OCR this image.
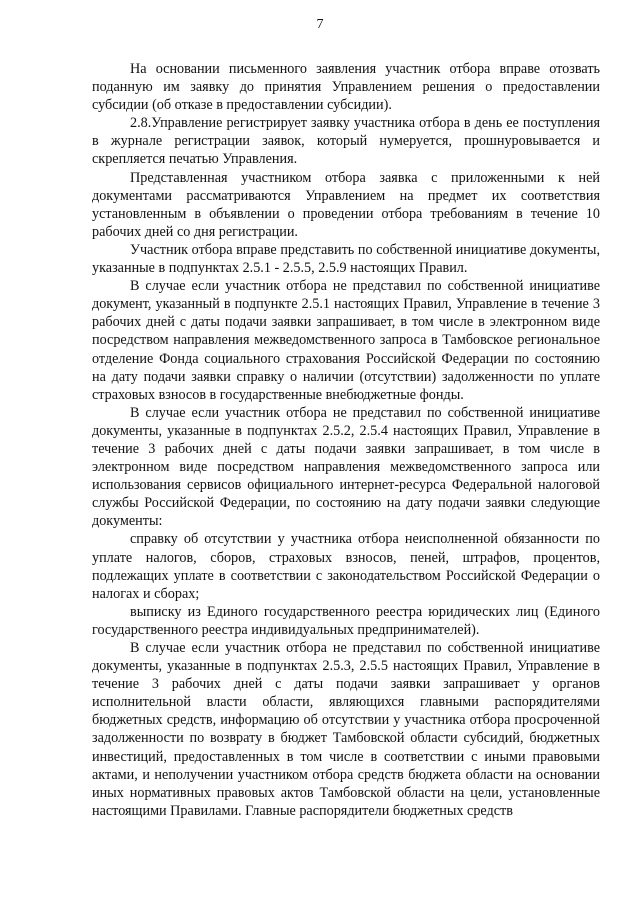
7

На основании письменного заявления участник отбора вправе отозвать поданную им заявку до принятия Управлением решения о предоставлении субсидии (об отказе в предоставлении субсидии).

2.8.Управление регистрирует заявку участника отбора в день ее поступления в журнале регистрации заявок, который нумеруется, прошнуровывается и скрепляется печатью Управления.

Представленная участником отбора заявка с приложенными к ней документами рассматриваются Управлением на предмет их соответствия установленным в объявлении о проведении отбора требованиям в течение 10 рабочих дней со дня регистрации.

Участник отбора вправе представить по собственной инициативе документы, указанные в подпунктах 2.5.1 - 2.5.5, 2.5.9 настоящих Правил.

В случае если участник отбора не представил по собственной инициативе документ, указанный в подпункте 2.5.1 настоящих Правил, Управление в течение 3 рабочих дней с даты подачи заявки запрашивает, в том числе в электронном виде посредством направления межведомственного запроса в Тамбовское региональное отделение Фонда социального страхования Российской Федерации по состоянию на дату подачи заявки справку о наличии (отсутствии) задолженности по уплате страховых взносов в государственные внебюджетные фонды.

В случае если участник отбора не представил по собственной инициативе документы, указанные в подпунктах 2.5.2, 2.5.4 настоящих Правил, Управление в течение 3 рабочих дней с даты подачи заявки запрашивает, в том числе в электронном виде посредством направления межведомственного запроса или использования сервисов официального интернет-ресурса Федеральной налоговой службы Российской Федерации, по состоянию на дату подачи заявки следующие документы:

справку об отсутствии у участника отбора неисполненной обязанности по уплате налогов, сборов, страховых взносов, пеней, штрафов, процентов, подлежащих уплате в соответствии с законодательством Российской Федерации о налогах и сборах;

выписку из Единого государственного реестра юридических лиц (Единого государственного реестра индивидуальных предпринимателей).

В случае если участник отбора не представил по собственной инициативе документы, указанные в подпунктах 2.5.3, 2.5.5 настоящих Правил, Управление в течение 3 рабочих дней с даты подачи заявки запрашивает у органов исполнительной власти области, являющихся главными распорядителями бюджетных средств, информацию об отсутствии у участника отбора просроченной задолженности по возврату в бюджет Тамбовской области субсидий, бюджетных инвестиций, предоставленных в том числе в соответствии с иными правовыми актами, и неполучении участником отбора средств бюджета области на основании иных нормативных правовых актов Тамбовской области на цели, установленные настоящими Правилами. Главные распорядители бюджетных средств
